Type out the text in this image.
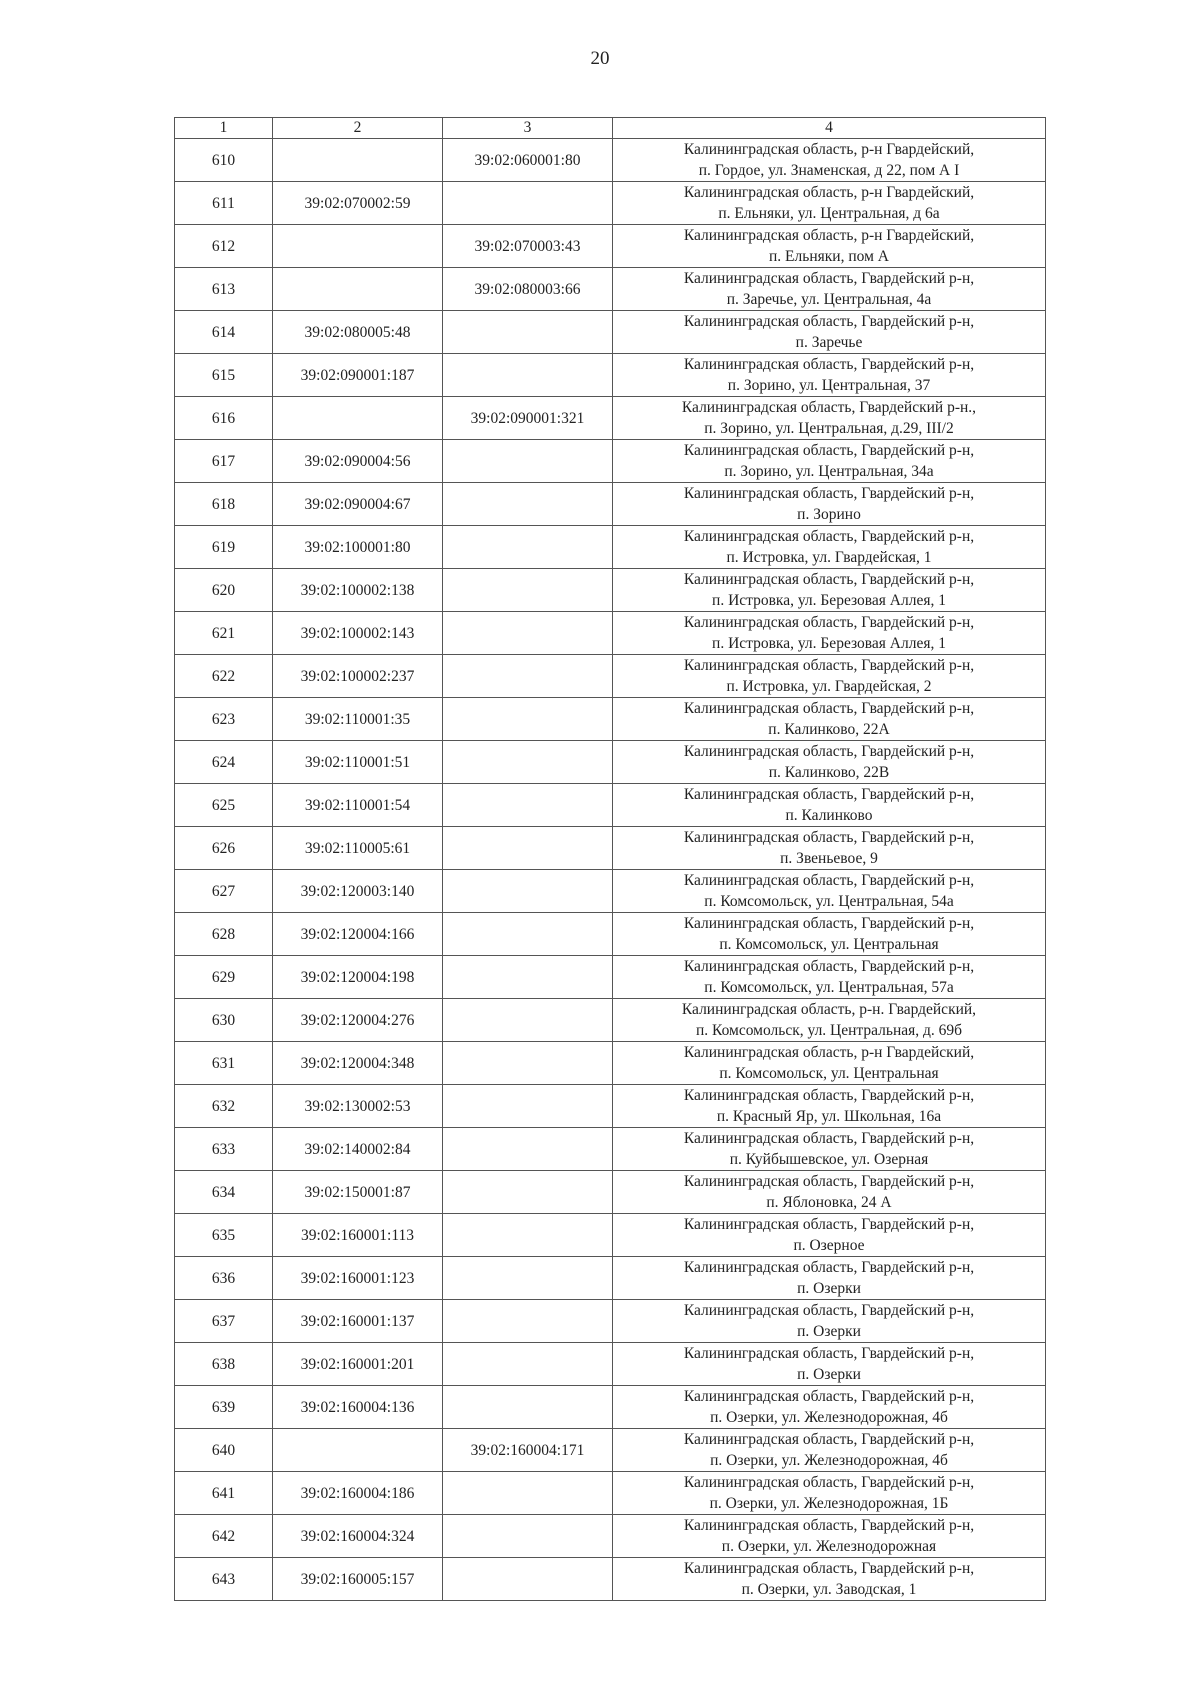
20
1	2	3	4
610		39:02:060001:80	Калининградская область, р-н Гвардейский,
п. Гордое, ул. Знаменская, д 22, пом А I

611	39:02:070002:59		Калининградская область, р-н Гвардейский,
п. Ельняки, ул. Центральная, д 6а

612		39:02:070003:43	Калининградская область, р-н Гвардейский,
п. Ельняки, пом А

613		39:02:080003:66	Калининградская область, Гвардейский р-н,
п. Заречье, ул. Центральная, 4а

614	39:02:080005:48		Калининградская область, Гвардейский р-н,
п. Заречье

615	39:02:090001:187		Калининградская область, Гвардейский р-н,
п. Зорино, ул. Центральная, 37

616		39:02:090001:321	Калининградская область, Гвардейский р-н.,
п. Зорино, ул. Центральная, д.29, III/2

617	39:02:090004:56		Калининградская область, Гвардейский р-н,
п. Зорино, ул. Центральная, 34а

618	39:02:090004:67		Калининградская область, Гвардейский р-н,
п. Зорино

619	39:02:100001:80		Калининградская область, Гвардейский р-н,
п. Истровка, ул. Гвардейская, 1

620	39:02:100002:138		Калининградская область, Гвардейский р-н,
п. Истровка, ул. Березовая Аллея, 1

621	39:02:100002:143		Калининградская область, Гвардейский р-н,
п. Истровка, ул. Березовая Аллея, 1

622	39:02:100002:237		Калининградская область, Гвардейский р-н,
п. Истровка, ул. Гвардейская, 2

623	39:02:110001:35		Калининградская область, Гвардейский р-н,
п. Калинково, 22А

624	39:02:110001:51		Калининградская область, Гвардейский р-н,
п. Калинково, 22В

625	39:02:110001:54		Калининградская область, Гвардейский р-н,
п. Калинково

626	39:02:110005:61		Калининградская область, Гвардейский р-н,
п. Звеньевое, 9

627	39:02:120003:140		Калининградская область, Гвардейский р-н,
п. Комсомольск, ул. Центральная, 54а

628	39:02:120004:166		Калининградская область, Гвардейский р-н,
п. Комсомольск, ул. Центральная

629	39:02:120004:198		Калининградская область, Гвардейский р-н,
п. Комсомольск, ул. Центральная, 57а

630	39:02:120004:276		Калининградская область, р-н. Гвардейский,
п. Комсомольск, ул. Центральная, д. 69б

631	39:02:120004:348		Калининградская область, р-н Гвардейский,
п. Комсомольск, ул. Центральная

632	39:02:130002:53		Калининградская область, Гвардейский р-н,
п. Красный Яр, ул. Школьная, 16а

633	39:02:140002:84		Калининградская область, Гвардейский р-н,
п. Куйбышевское, ул. Озерная

634	39:02:150001:87		Калининградская область, Гвардейский р-н,
п. Яблоновка, 24 А

635	39:02:160001:113		Калининградская область, Гвардейский р-н,
п. Озерное

636	39:02:160001:123		Калининградская область, Гвардейский р-н,
п. Озерки

637	39:02:160001:137		Калининградская область, Гвардейский р-н,
п. Озерки

638	39:02:160001:201		Калининградская область, Гвардейский р-н,
п. Озерки

639	39:02:160004:136		Калининградская область, Гвардейский р-н,
п. Озерки, ул. Железнодорожная, 4б

640		39:02:160004:171	Калининградская область, Гвардейский р-н,
п. Озерки, ул. Железнодорожная, 4б

641	39:02:160004:186		Калининградская область, Гвардейский р-н,
п. Озерки, ул. Железнодорожная, 1Б

642	39:02:160004:324		Калининградская область, Гвардейский р-н,
п. Озерки, ул. Железнодорожная

643	39:02:160005:157		Калининградская область, Гвардейский р-н,
п. Озерки, ул. Заводская, 1
